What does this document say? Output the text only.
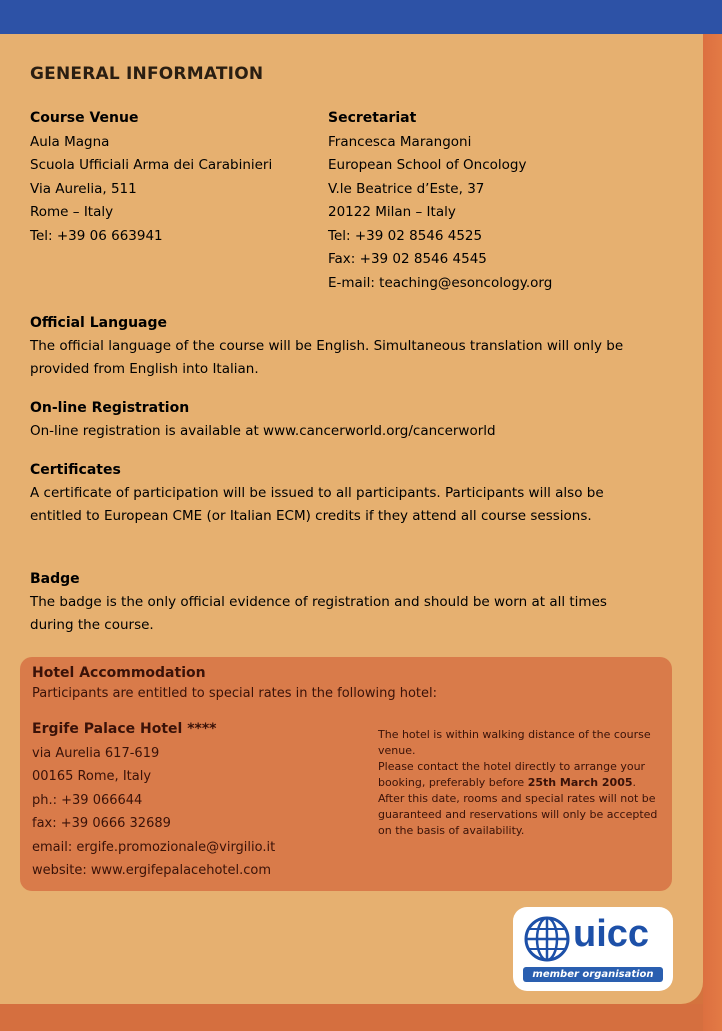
GENERAL INFORMATION
Course Venue
Aula Magna
Scuola Ufficiali Arma dei Carabinieri
Via Aurelia, 511
Rome – Italy
Tel: +39 06 663941
Secretariat
Francesca Marangoni
European School of Oncology
V.le Beatrice d’Este, 37
20122 Milan – Italy
Tel: +39 02 8546 4525
Fax: +39 02 8546 4545
E-mail: teaching@esoncology.org
Official Language
The official language of the course will be English. Simultaneous translation will only be provided from English into Italian.
On-line Registration
On-line registration is available at www.cancerworld.org/cancerworld
Certificates
A certificate of participation will be issued to all participants. Participants will also be entitled to European CME (or Italian ECM) credits if they attend all course sessions.
Badge
The badge is the only official evidence of registration and should be worn at all times during the course.
Hotel Accommodation
Participants are entitled to special rates in the following hotel:
Ergife Palace Hotel ****
via Aurelia 617-619
00165 Rome, Italy
ph.: +39 066644
fax: +39 0666 32689
email: ergife.promozionale@virgilio.it
website: www.ergifepalacehotel.com
The hotel is within walking distance of the course venue.
Please contact the hotel directly to arrange your booking, preferably before 25th March 2005. After this date, rooms and special rates will not be guaranteed and reservations will only be accepted on the basis of availability.
uicc
member organisation
